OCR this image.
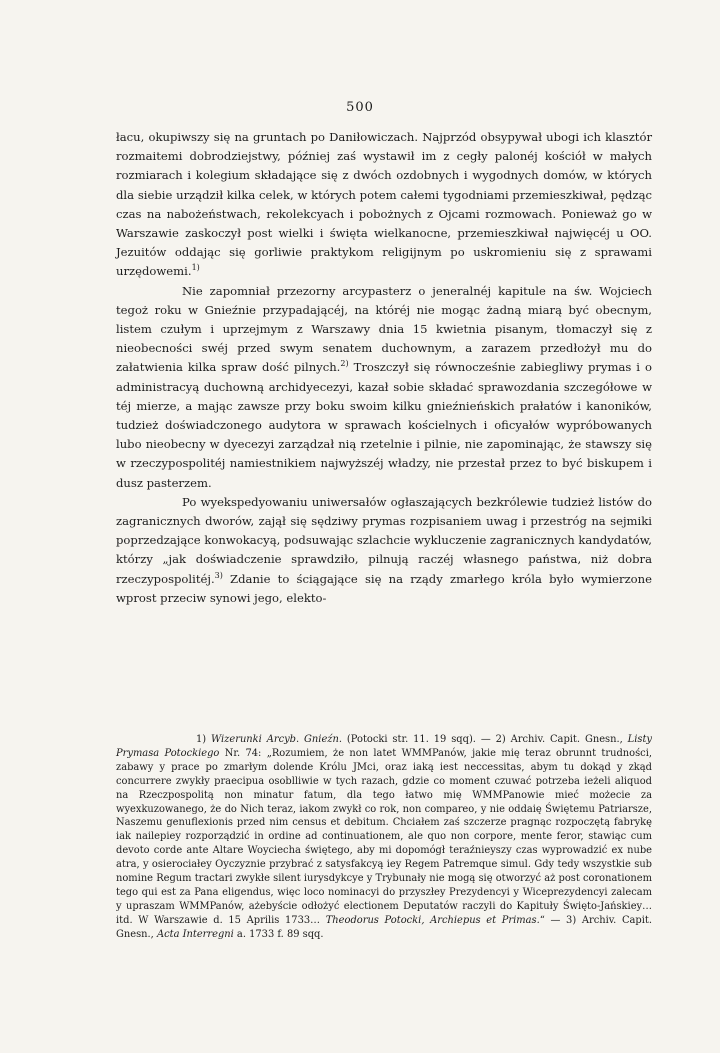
500

łacu, okupiwszy się na gruntach po Daniłowiczach. Najprzód obsypywał ubogi ich klasztór rozmaitemi dobrodziejstwy, później zaś wystawił im z cegły palonéj kościół w małych rozmiarach i kolegium składające się z dwóch ozdobnych i wygodnych domów, w których dla siebie urządził kilka celek, w których potem całemi tygodniami przemieszkiwał, pędząc czas na nabożeństwach, rekolekcyach i pobożnych z Ojcami rozmowach. Ponieważ go w Warszawie zaskoczył post wielki i święta wielkanocne, przemieszkiwał najwięcéj u OO. Jezuitów oddając się gorliwie praktykom religijnym po uskromieniu się z sprawami urzędowemi.$^{1)}$

Nie zapomniał przezorny arcypasterz o jeneralnéj kapitule na św. Wojciech tegoż roku w Gnieźnie przypadającéj, na któréj nie mogąc żadną miarą być obecnym, listem czułym i uprzejmym z Warszawy dnia 15 kwietnia pisanym, tłomaczył się z nieobecności swéj przed swym senatem duchownym, a zarazem przedłożył mu do załatwienia kilka spraw dość pilnych.$^{2)}$ Troszczył się równocześnie zabiegliwy prymas i o administracyą duchowną archidyecezyi, kazał sobie składać sprawozdania szczegółowe w téj mierze, a mając zawsze przy boku swoim kilku gnieźnieńskich prałatów i kanoników, tudzież doświadczonego audytora w sprawach kościelnych i oficyałów wypróbowanych lubo nieobecny w dyecezyi zarządzał nią rzetelnie i pilnie, nie zapominając, że stawszy się w rzeczypospolitéj namiestnikiem najwyższéj władzy, nie przestał przez to być biskupem i dusz pasterzem.

Po wyekspedyowaniu uniwersałów ogłaszających bezkrólewie tudzież listów do zagranicznych dworów, zajął się sędziwy prymas rozpisaniem uwag i przestróg na sejmiki poprzedzające konwokacyą, podsuwając szlachcie wykluczenie zagranicznych kandydatów, którzy „jak doświadczenie sprawdziło, pilnują raczéj własnego państwa, niż dobra rzeczypospolitéj.$^{3)}$ Zdanie to ściągające się na rządy zmarłego króla było wymierzone wprost przeciw synowi jego, elekto-

1) Wizerunki Arcyb. Gnieźn. (Potocki str. 11. 19 sqq). — 2) Archiv. Capit. Gnesn., Listy Prymasa Potockiego Nr. 74: „Rozumiem, że non latet WMMPanów, jakie mię teraz obrunnt trudności, zabawy y prace po zmarłym dolende Królu JMci, oraz iaką iest neccessitas, abym tu dokąd y zkąd concurrere zwykły praecipua osoblliwie w tych razach, gdzie co moment czuwać potrzeba ieżeli aliquod na Rzeczpospolitą non minatur fatum, dla tego łatwo mię WMMPanowie mieć możecie za wyexkuzowanego, że do Nich teraz, iakom zwykł co rok, non compareo, y nie oddaię Świętemu Patriarsze, Naszemu genuflexionis przed nim census et debitum. Chciałem zaś szczerze pragnąc rozpoczętą fabrykę iak nailepiey rozporządzić in ordine ad continuationem, ale quo non corpore, mente feror, stawiąc cum devoto corde ante Altare Woyciecha świętego, aby mi dopomógł teraźnieyszy czas wyprowadzić ex nube atra, y osierociałey Oyczyznie przybrać z satysfakcyą iey Regem Patremque simul. Gdy tedy wszystkie sub nomine Regum tractari zwykłe silent iurysdykcye y Trybunały nie mogą się otworzyć aż post coronationem tego qui est za Pana eligendus, więc loco nominacyi do przyszłey Prezydencyi y Wiceprezydencyi zalecam y upraszam WMMPanów, ażebyście odłożyć electionem Deputatów raczyli do Kapituły Święto-Jańskiey… itd. W Warszawie d. 15 Aprilis 1733… Theodorus Potocki, Archiepus et Primas.“ — 3) Archiv. Capit. Gnesn., Acta Interregni a. 1733 f. 89 sqq.
